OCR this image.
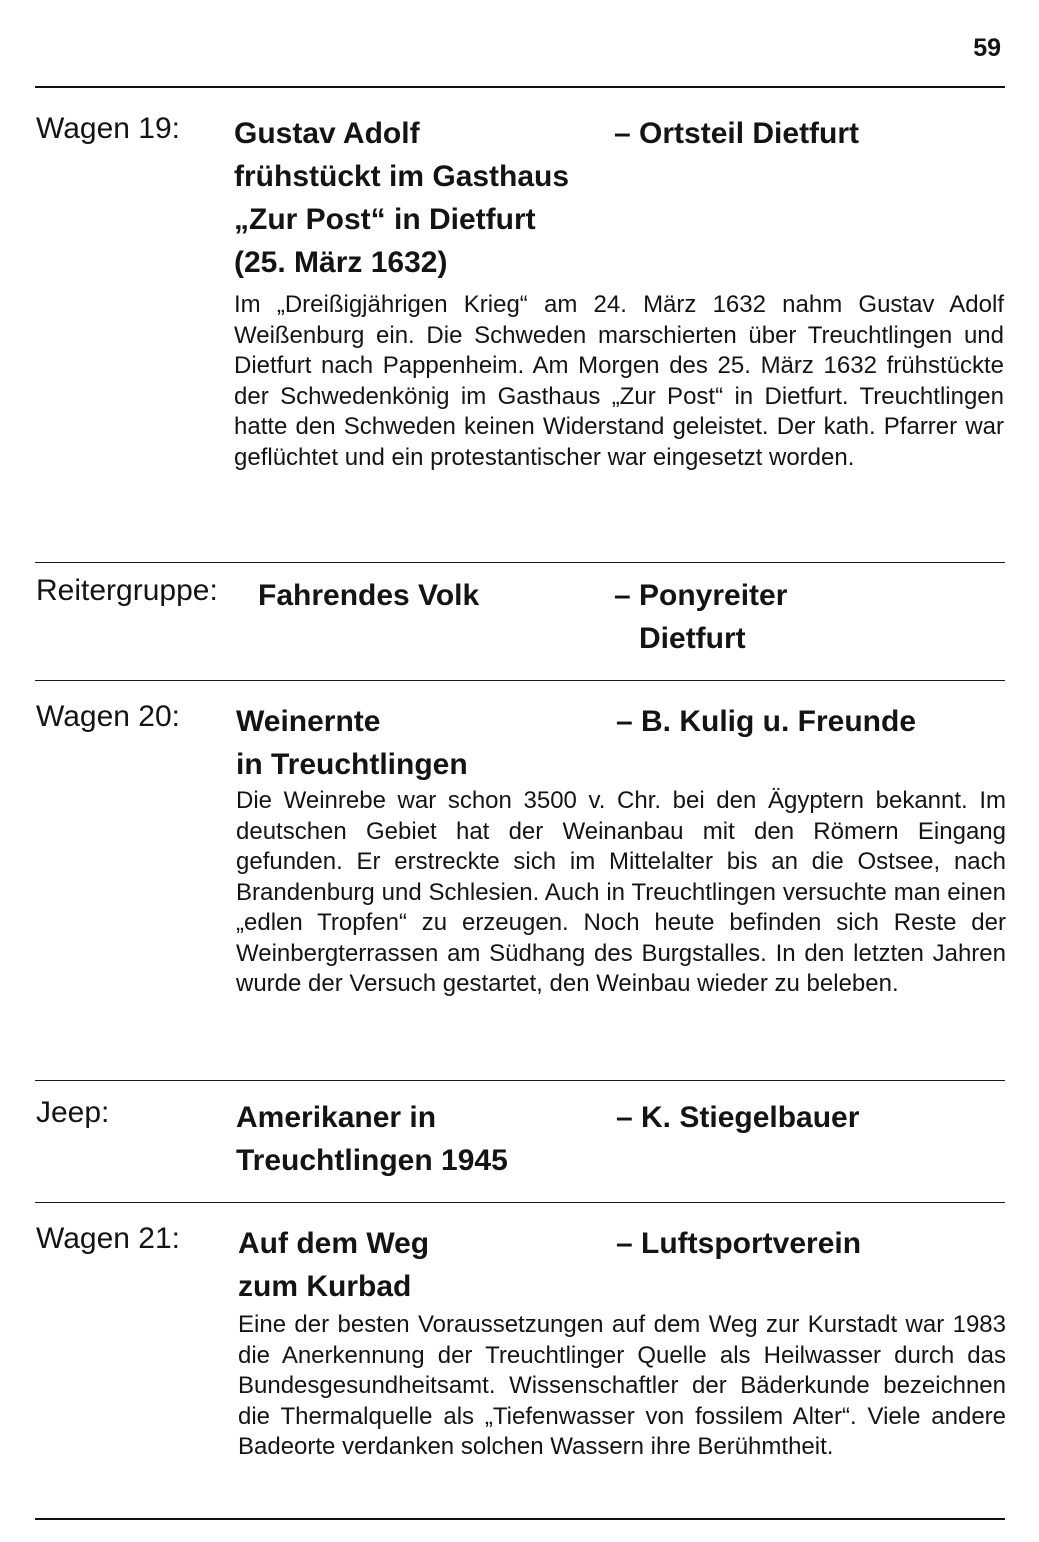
59
Wagen 19: Gustav Adolf
frühstückt im Gasthaus
„Zur Post“ in Dietfurt
(25. März 1632)
– Ortsteil Dietfurt
Im „Dreißigjährigen Krieg“ am 24. März 1632 nahm Gustav Adolf Weißenburg ein. Die Schweden marschierten über Treuchtlingen und Dietfurt nach Pappenheim. Am Morgen des 25. März 1632 frühstückte der Schwedenkönig im Gasthaus „Zur Post“ in Dietfurt. Treuchtlingen hatte den Schweden keinen Widerstand geleistet. Der kath. Pfarrer war geflüchtet und ein protestantischer war eingesetzt worden.
Reitergruppe: Fahrendes Volk	– Ponyreiter
Dietfurt
Wagen 20: Weinernte
in Treuchtlingen
– B. Kulig u. Freunde
Die Weinrebe war schon 3500 v. Chr. bei den Ägyptern bekannt. Im deutschen Gebiet hat der Weinanbau mit den Römern Eingang gefunden. Er erstreckte sich im Mittelalter bis an die Ostsee, nach Brandenburg und Schlesien. Auch in Treuchtlingen versuchte man einen „edlen Tropfen“ zu erzeugen. Noch heute befinden sich Reste der Weinbergterrassen am Südhang des Burgstalles. In den letzten Jahren wurde der Versuch gestartet, den Weinbau wieder zu beleben.
Jeep:	Amerikaner in
Treuchtlingen 1945
– K. Stiegelbauer
Wagen 21: Auf dem Weg
zum Kurbad
– Luftsportverein
Eine der besten Voraussetzungen auf dem Weg zur Kurstadt war 1983 die Anerkennung der Treuchtlinger Quelle als Heilwasser durch das Bundesgesundheitsamt. Wissenschaftler der Bäderkunde bezeichnen die Thermalquelle als „Tiefenwasser von fossilem Alter“. Viele andere Badeorte verdanken solchen Wassern ihre Berühmtheit.
